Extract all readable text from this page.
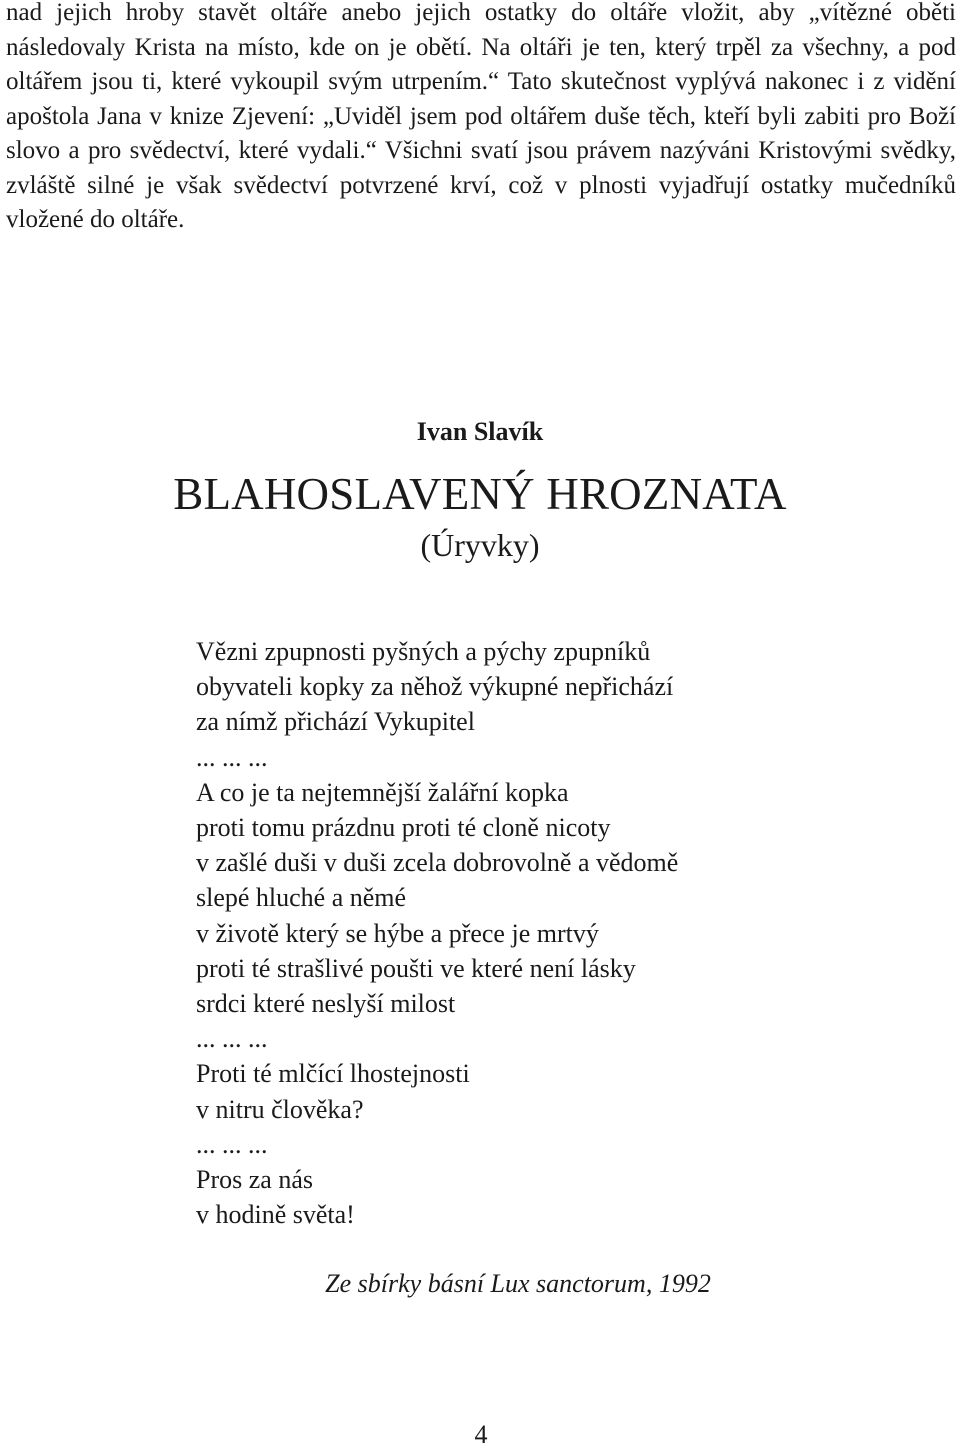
nad jejich hroby stavět oltáře anebo jejich ostatky do oltáře vložit, aby „vítězné oběti následovaly Krista na místo, kde on je obětí. Na oltáři je ten, který trpěl za všechny, a pod oltářem jsou ti, které vykoupil svým utrpením.“ Tato skutečnost vyplývá nakonec i z vidění apoštola Jana v knize Zjevení: „Uviděl jsem pod oltářem duše těch, kteří byli zabiti pro Boží slovo a pro svědectví, které vydali.“ Všichni svatí jsou právem nazýváni Kristovými svědky, zvláště silné je však svědectví potvrzené krví, což v plnosti vyjadřují ostatky mučedníků vložené do oltáře.

Ivan Slavík
BLAHOSLAVENÝ HROZNATA
(Úryvky)
Vězni zpupnosti pyšných a pýchy zpupníků
obyvateli kopky za něhož výkupné nepřichází
za nímž přichází Vykupitel
... ... ...
A co je ta nejtemnější žalářní kopka
proti tomu prázdnu proti té cloně nicoty
v zašlé duši v duši zcela dobrovolně a vědomě
slepé hluché a němé
v životě který se hýbe a přece je mrtvý
proti té strašlivé poušti ve které není lásky
srdci které neslyší milost
... ... ...
Proti té mlčící lhostejnosti
v nitru člověka?
... ... ...
Pros za nás
v hodině světa!
Ze sbírky básní Lux sanctorum, 1992
4
